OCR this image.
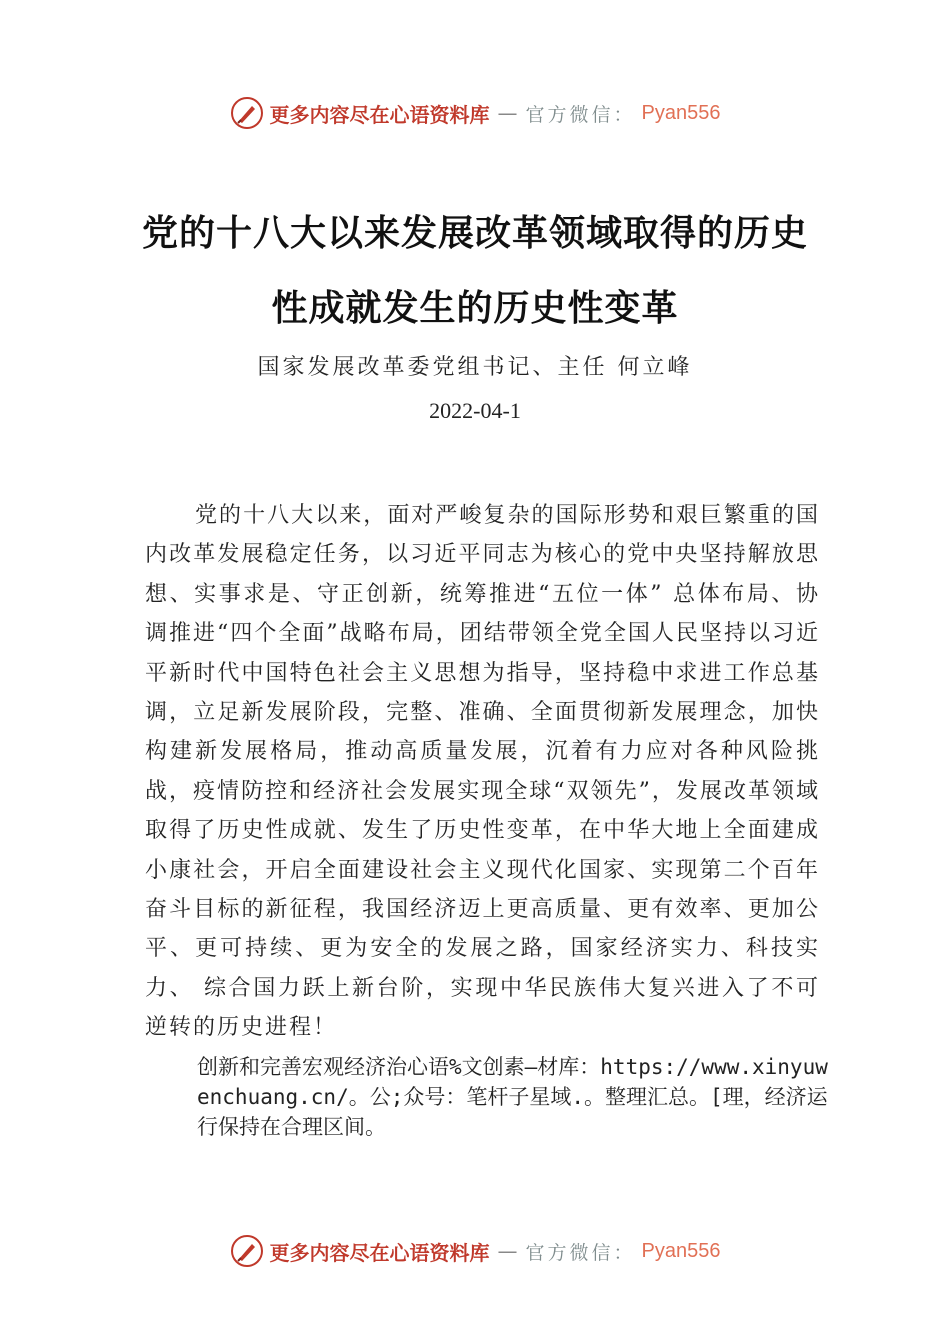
更多内容尽在心语资料库 — 官方微信： Pyan556
党的十八大以来发展改革领域取得的历史
性成就发生的历史性变革
国家发展改革委党组书记、主任 何立峰
2022-04-1

党的十八大以来，面对严峻复杂的国际形势和艰巨繁重的国内改革发展稳定任务，以习近平同志为核心的党中央坚持解放思想、实事求是、守正创新，统筹推进“五位一体” 总体布局、协调推进“四个全面”战略布局，团结带领全党全国人民坚持以习近平新时代中国特色社会主义思想为指导，坚持稳中求进工作总基调，立足新发展阶段，完整、准确、全面贯彻新发展理念，加快构建新发展格局，推动高质量发展，沉着有力应对各种风险挑战，疫情防控和经济社会发展实现全球“双领先”，发展改革领域取得了历史性成就、发生了历史性变革，在中华大地上全面建成小康社会，开启全面建设社会主义现代化国家、实现第二个百年奋斗目标的新征程，我国经济迈上更高质量、更有效率、更加公平、更可持续、更为安全的发展之路，国家经济实力、科技实力、 综合国力跃上新台阶，实现中华民族伟大复兴进入了不可逆转的历史进程！

创新和完善宏观经济治心语%文创素—材库：https://www.xinyuwenchuang.cn/。公;众号：笔杆子星域.。整理汇总。[理，经济运行保持在合理区间。

更多内容尽在心语资料库 — 官方微信： Pyan556
